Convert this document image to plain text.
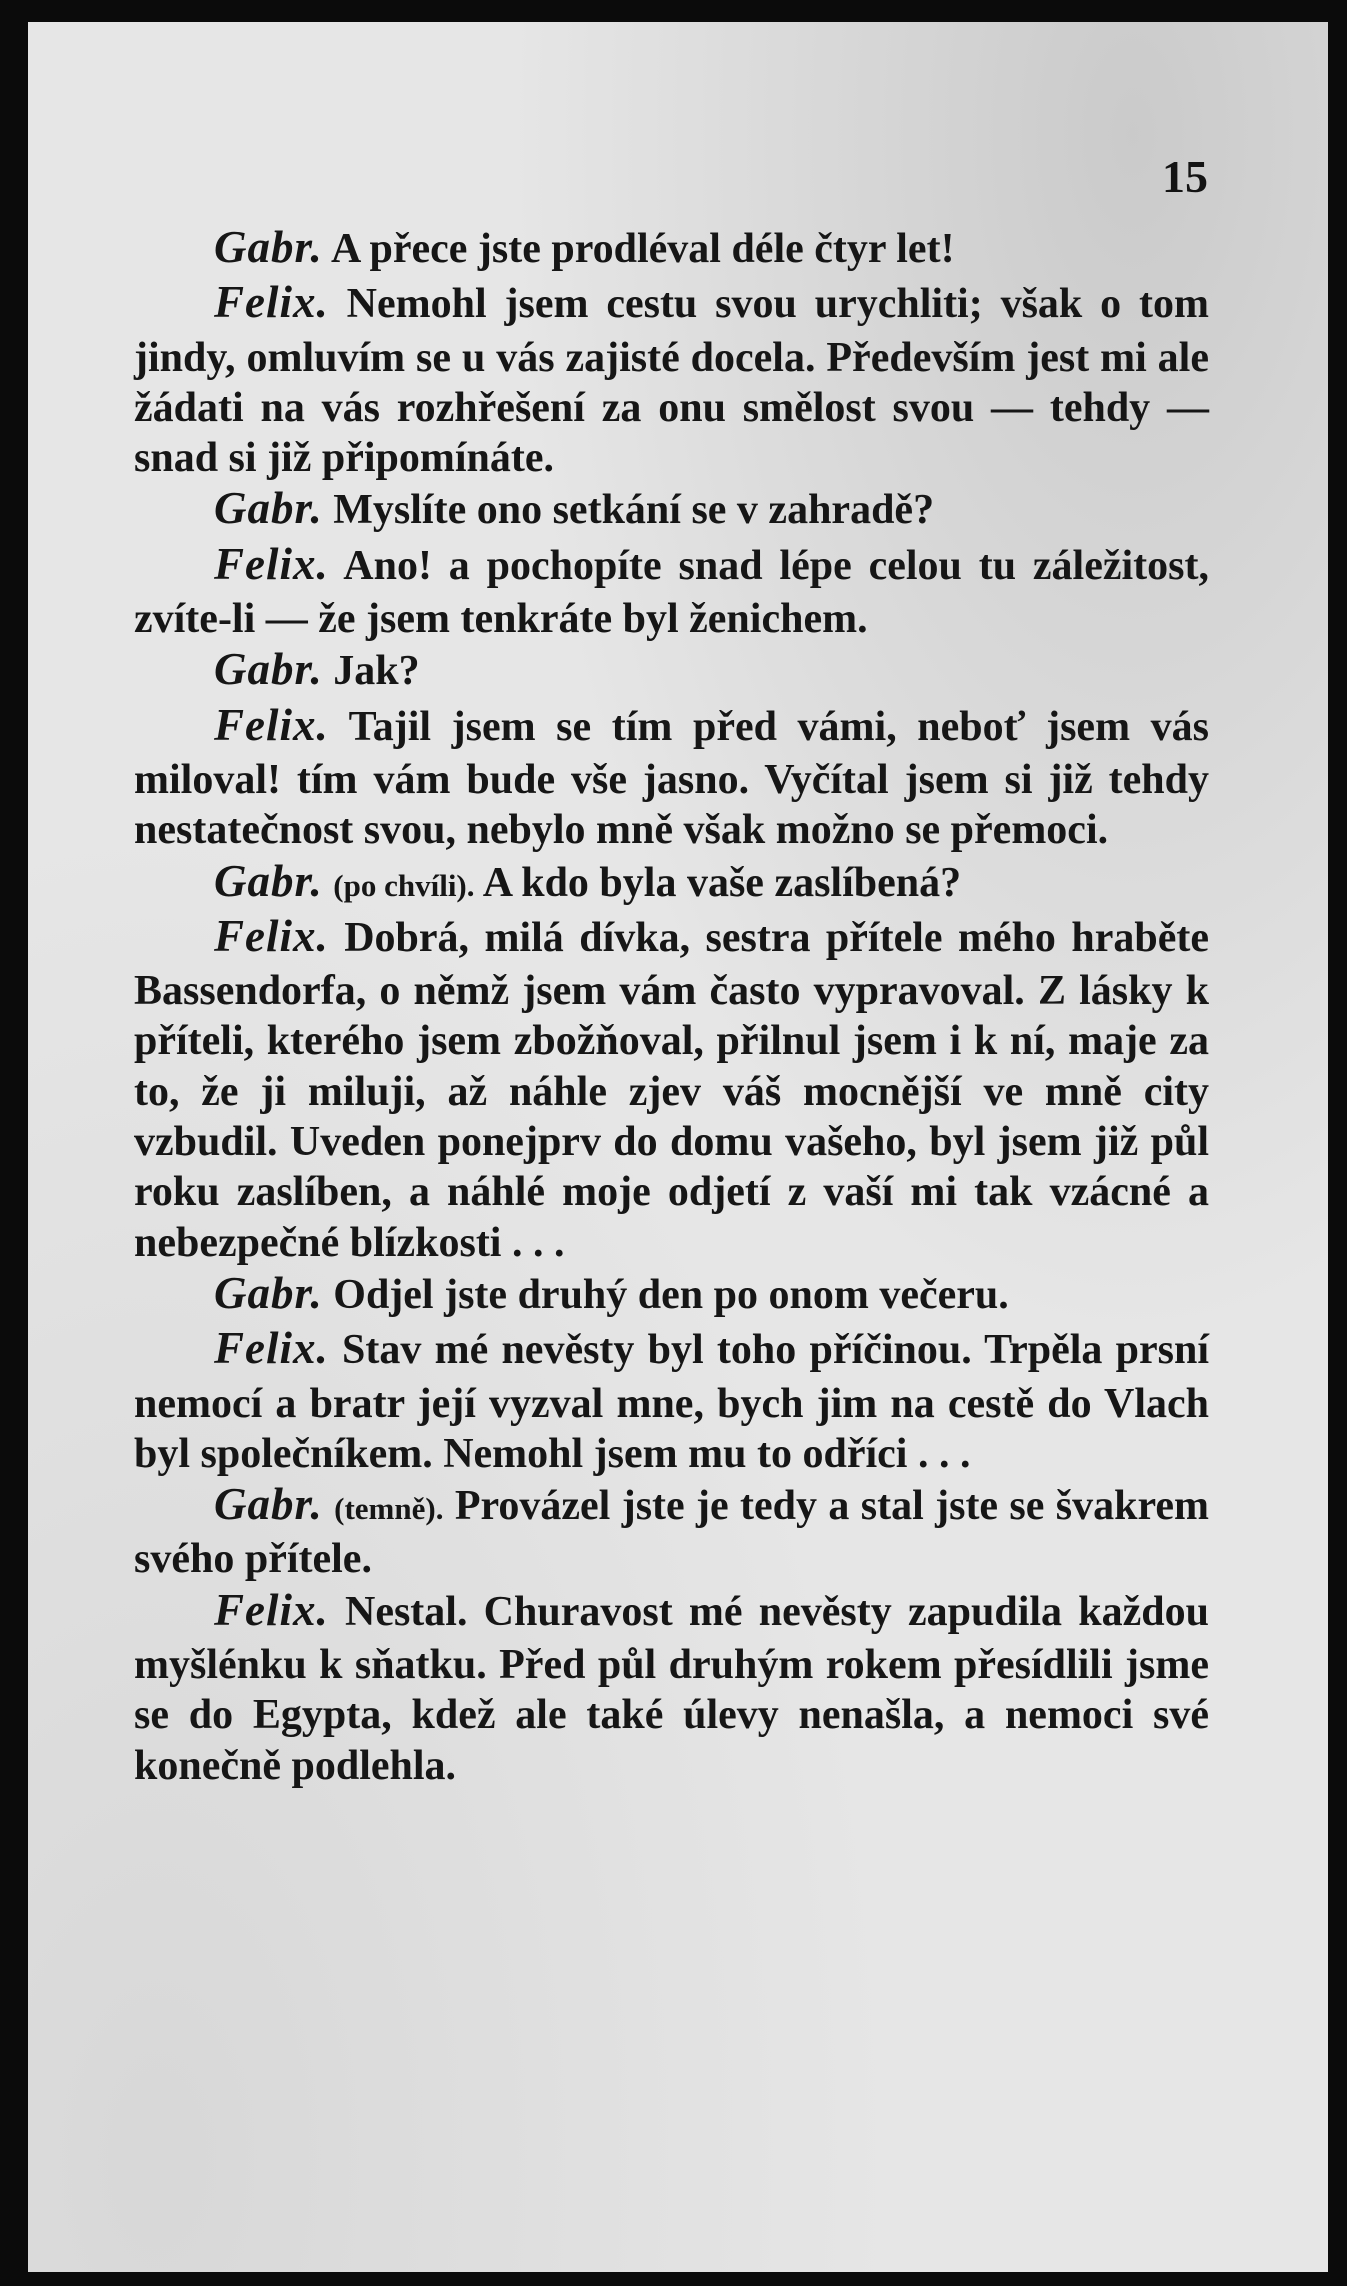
15

Gabr. A přece jste prodléval déle čtyr let!

Felix. Nemohl jsem cestu svou urychliti; však o tom jindy, omluvím se u vás zajisté docela. Především jest mi ale žádati na vás rozhřešení za onu smělost svou — tehdy — snad si již připomínáte.

Gabr. Myslíte ono setkání se v zahradě?

Felix. Ano! a pochopíte snad lépe celou tu záležitost, zvíte-li — že jsem tenkráte byl ženichem.

Gabr. Jak?

Felix. Tajil jsem se tím před vámi, neboť jsem vás miloval! tím vám bude vše jasno. Vyčítal jsem si již tehdy nestatečnost svou, nebylo mně však možno se přemoci.

Gabr. (po chvíli). A kdo byla vaše zaslíbená?

Felix. Dobrá, milá dívka, sestra přítele mého hraběte Bassendorfa, o němž jsem vám často vypravoval. Z lásky k příteli, kterého jsem zbožňoval, přilnul jsem i k ní, maje za to, že ji miluji, až náhle zjev váš mocnější ve mně city vzbudil. Uveden ponejprv do domu vašeho, byl jsem již půl roku zaslíben, a náhlé moje odjetí z vaší mi tak vzácné a nebezpečné blízkosti . . .

Gabr. Odjel jste druhý den po onom večeru.

Felix. Stav mé nevěsty byl toho příčinou. Trpěla prsní nemocí a bratr její vyzval mne, bych jim na cestě do Vlach byl společníkem. Nemohl jsem mu to odříci . . .

Gabr. (temně). Provázel jste je tedy a stal jste se švakrem svého přítele.

Felix. Nestal. Churavost mé nevěsty zapudila každou myšlénku k sňatku. Před půl druhým rokem přesídlili jsme se do Egypta, kdež ale také úlevy nenašla, a nemoci své konečně podlehla.
